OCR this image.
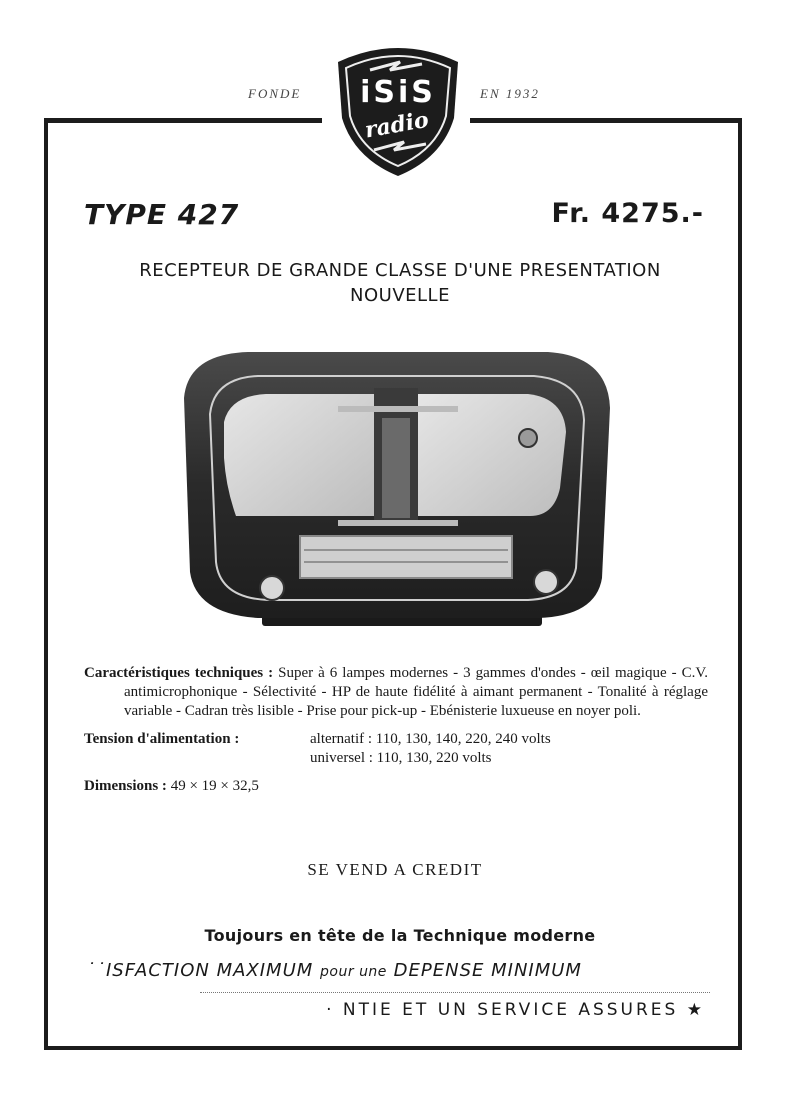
FONDE	EN 1932
iSiS
radio
TYPE 427	Fr. 4275.-
RECEPTEUR DE GRANDE CLASSE D'UNE PRESENTATION
NOUVELLE
Caractéristiques techniques : Super à 6 lampes modernes - 3 gammes d'ondes - œil magique - C.V. antimicrophonique - Sélectivité - HP de haute fidélité à aimant permanent - Tonalité à réglage variable - Cadran très lisible - Prise pour pick-up - Ebénisterie luxueuse en noyer poli.
Tension d'alimentation :	alternatif : 110, 130, 140, 220, 240 volts
universel : 110, 130, 220 volts
Dimensions : 49 × 19 × 32,5
SE VEND A CREDIT
Toujours en tête de la Technique moderne
˙˙ISFACTION MAXIMUM pour une DEPENSE MINIMUM
· NTIE ET UN SERVICE ASSURES ★
